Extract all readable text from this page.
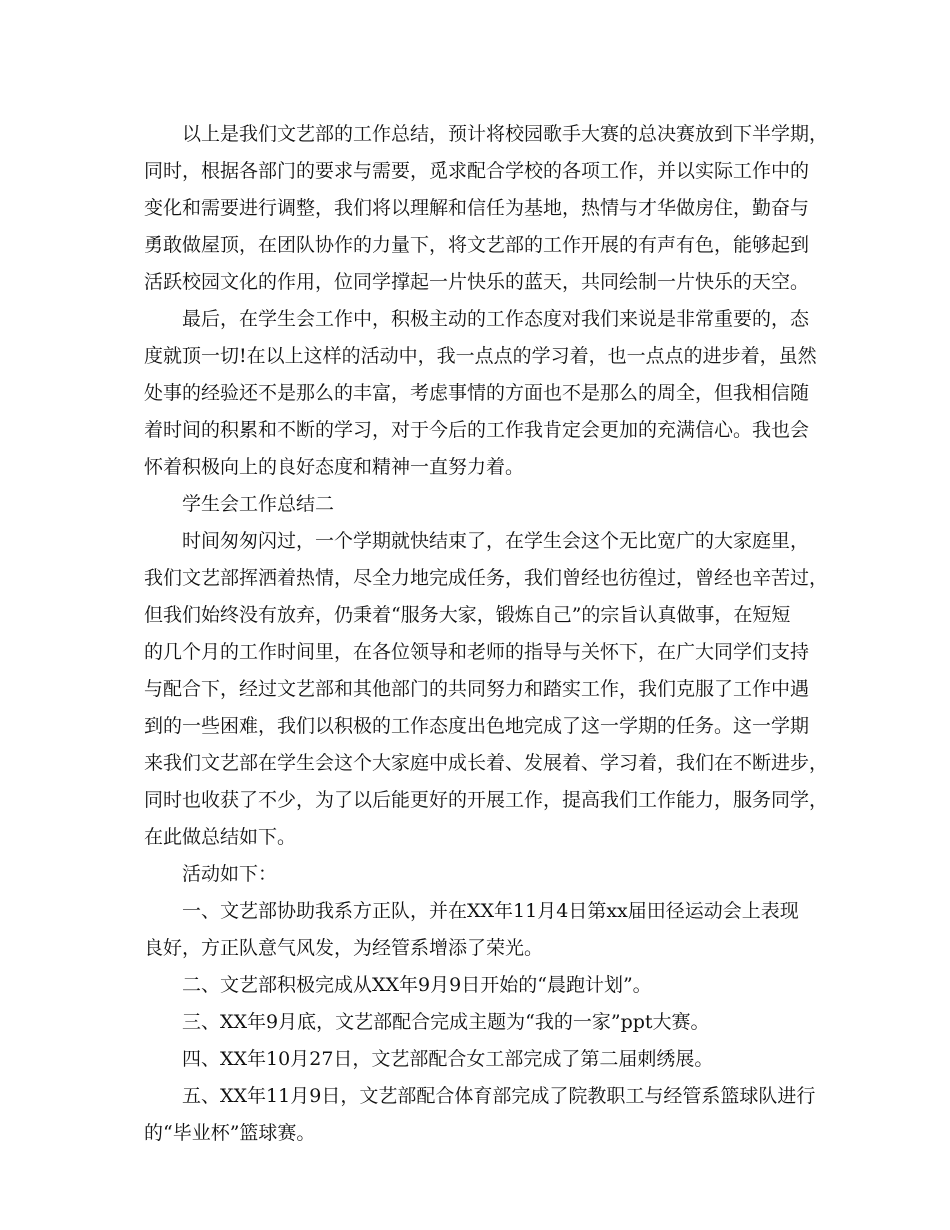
以上是我们文艺部的工作总结，预计将校园歌手大赛的总决赛放到下半学期，
同时，根据各部门的要求与需要，觅求配合学校的各项工作，并以实际工作中的
变化和需要进行调整，我们将以理解和信任为基地，热情与才华做房住，勤奋与
勇敢做屋顶，在团队协作的力量下，将文艺部的工作开展的有声有色，能够起到
活跃校园文化的作用，位同学撑起一片快乐的蓝天，共同绘制一片快乐的天空。
最后，在学生会工作中，积极主动的工作态度对我们来说是非常重要的，态
度就顶一切!在以上这样的活动中，我一点点的学习着，也一点点的进步着，虽然
处事的经验还不是那么的丰富，考虑事情的方面也不是那么的周全，但我相信随
着时间的积累和不断的学习，对于今后的工作我肯定会更加的充满信心。我也会
怀着积极向上的良好态度和精神一直努力着。
学生会工作总结二
时间匆匆闪过，一个学期就快结束了，在学生会这个无比宽广的大家庭里，
我们文艺部挥洒着热情，尽全力地完成任务，我们曾经也彷徨过，曾经也辛苦过，
但我们始终没有放弃，仍秉着“服务大家，锻炼自己”的宗旨认真做事，在短短
的几个月的工作时间里，在各位领导和老师的指导与关怀下，在广大同学们支持
与配合下，经过文艺部和其他部门的共同努力和踏实工作，我们克服了工作中遇
到的一些困难，我们以积极的工作态度出色地完成了这一学期的任务。这一学期
来我们文艺部在学生会这个大家庭中成长着、发展着、学习着，我们在不断进步，
同时也收获了不少，为了以后能更好的开展工作，提高我们工作能力，服务同学，
在此做总结如下。
活动如下：
一、文艺部协助我系方正队，并在XX年11月4日第xx届田径运动会上表现
良好，方正队意气风发，为经管系增添了荣光。
二、文艺部积极完成从XX年9月9日开始的“晨跑计划”。
三、XX年9月底，文艺部配合完成主题为“我的一家”ppt大赛。
四、XX年10月27日，文艺部配合女工部完成了第二届刺绣展。
五、XX年11月9日，文艺部配合体育部完成了院教职工与经管系篮球队进行
的“毕业杯”篮球赛。
